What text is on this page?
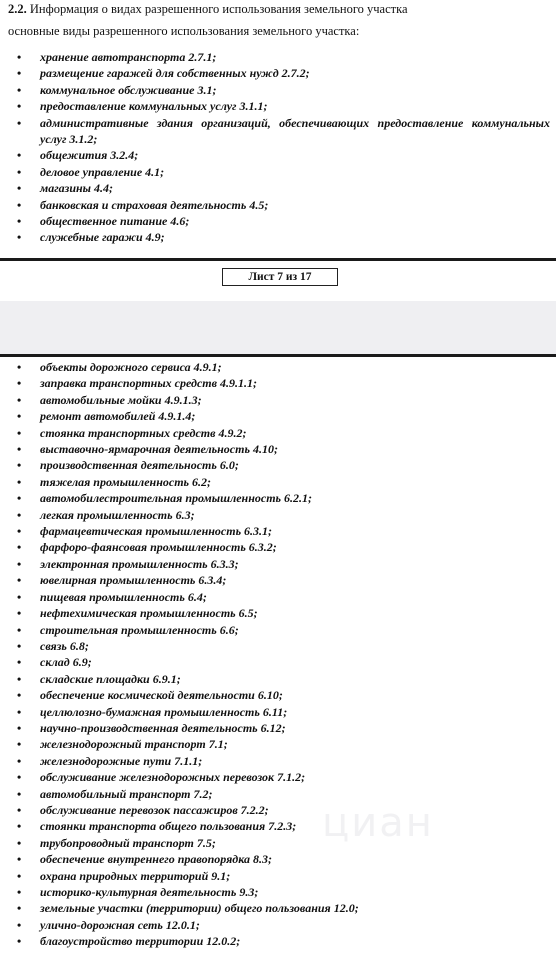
2.2. Информация о видах разрешенного использования земельного участка
основные виды разрешенного использования земельного участка:
• хранение автотранспорта 2.7.1;
• размещение гаражей для собственных нужд 2.7.2;
• коммунальное обслуживание 3.1;
• предоставление коммунальных услуг 3.1.1;
• административные здания организаций, обеспечивающих предоставление коммунальных услуг 3.1.2;
• общежития 3.2.4;
• деловое управление 4.1;
• магазины 4.4;
• банковская и страховая деятельность 4.5;
• общественное питание 4.6;
• служебные гаражи 4.9;
Лист 7 из 17
• объекты дорожного сервиса 4.9.1;
• заправка транспортных средств 4.9.1.1;
• автомобильные мойки 4.9.1.3;
• ремонт автомобилей 4.9.1.4;
• стоянка транспортных средств 4.9.2;
• выставочно-ярмарочная деятельность 4.10;
• производственная деятельность 6.0;
• тяжелая промышленность 6.2;
• автомобилестроительная промышленность 6.2.1;
• легкая промышленность 6.3;
• фармацевтическая промышленность 6.3.1;
• фарфоро-фаянсовая промышленность 6.3.2;
• электронная промышленность 6.3.3;
• ювелирная промышленность 6.3.4;
• пищевая промышленность 6.4;
• нефтехимическая промышленность 6.5;
• строительная промышленность 6.6;
• связь 6.8;
• склад 6.9;
• складские площадки 6.9.1;
• обеспечение космической деятельности 6.10;
• целлюлозно-бумажная промышленность 6.11;
• научно-производственная деятельность 6.12;
• железнодорожный транспорт 7.1;
• железнодорожные пути 7.1.1;
• обслуживание железнодорожных перевозок 7.1.2;
• автомобильный транспорт 7.2;
• обслуживание перевозок пассажиров 7.2.2;
• стоянки транспорта общего пользования 7.2.3;
• трубопроводный транспорт 7.5;
• обеспечение внутреннего правопорядка 8.3;
• охрана природных территорий 9.1;
• историко-культурная деятельность 9.3;
• земельные участки (территории) общего пользования 12.0;
• улично-дорожная сеть 12.0.1;
• благоустройство территории 12.0.2;
